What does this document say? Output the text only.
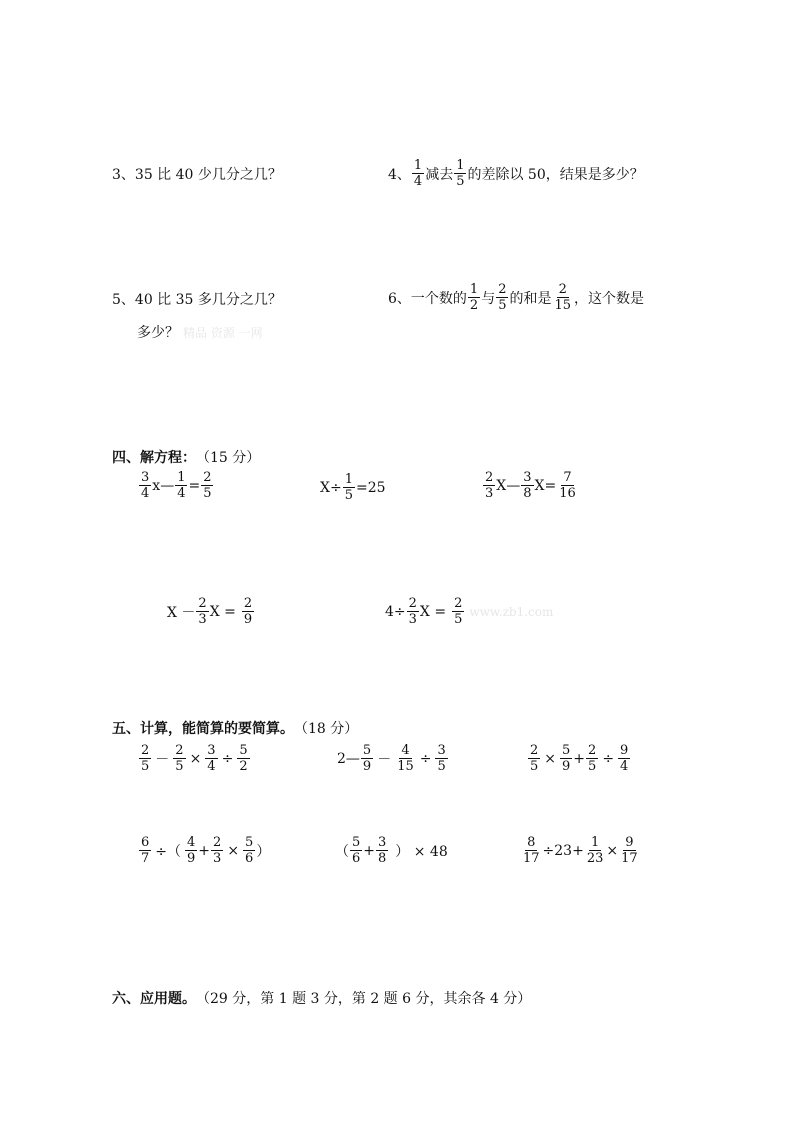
3、 35 比 40 少几分之几？	4、 $\frac{1}{4}$ 减去 $\frac{1}{5}$ 的差除以 50，结果是多少？
5、 40 比 35 多几分之几？	6、 一个数的 $\frac{1}{2}$ 与 $\frac{2}{5}$ 的和是 $\frac{2}{15}$ ，这个数是
多少？ 精品 资源 一网
四、解方程： （15 分）
$\frac{3}{4}$ x — $\frac{1}{4} = \frac{2}{5}$	$X\div \frac{1}{5} =25$	$\frac{2}{3}$ X— $\frac{3}{8} X= \frac{7}{16}$
$X - \frac{2}{3}$ $X = \frac{2}{9}$	$4\div \frac{2}{3}$ $X = \frac{2}{5} www.zb1.com$
五、计算，能简算的要简算。 （18 分）
$\frac{2}{5} - \frac{2}{5} \times \frac{3}{4} \div \frac{5}{2}$	2— $\frac{5}{9} - \frac{4}{15} \div \frac{3}{5}$	$\frac{2}{5} \times \frac{5}{9} + \frac{2}{5} \div \frac{9}{4}$
$\frac{6}{7}$ ÷（ $\frac{4}{9} + \frac{2}{3} \times \frac{5}{6}$ ）	（ $\frac{5}{6} + \frac{3}{8}$ ） × 48	$\frac{8}{17} \div 23+ \frac{1}{23} \times \frac{9}{17}$
六、应用题。 （29 分，第 1 题 3 分，第 2 题 6 分，其余各 4 分）
